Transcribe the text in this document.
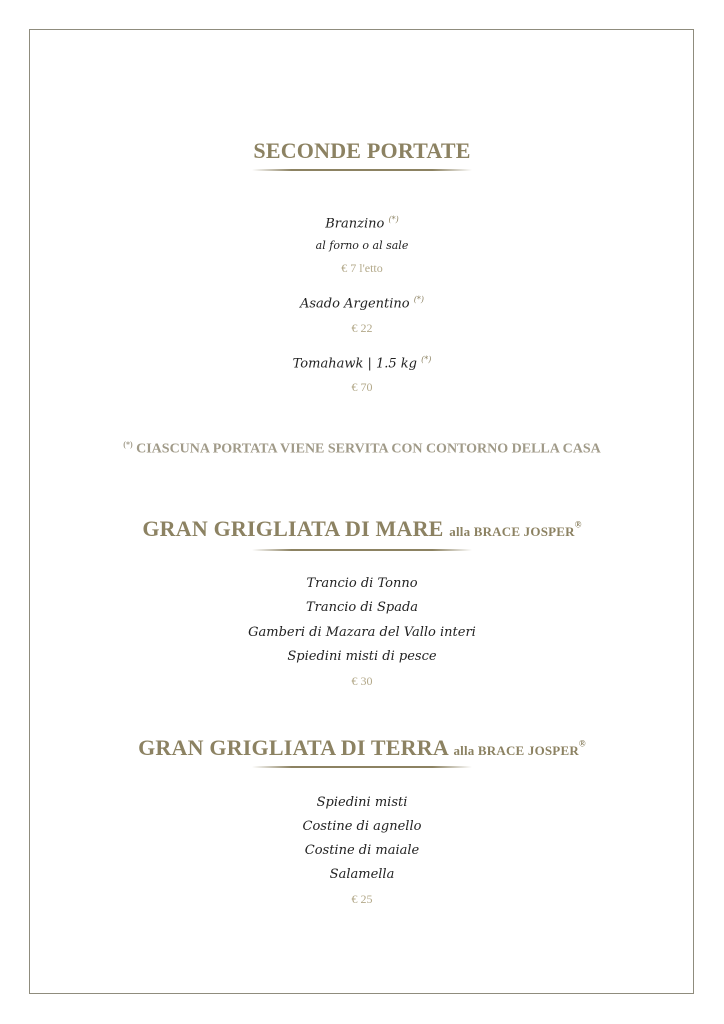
SECONDE PORTATE
Branzino (*)
al forno o al sale
€ 7 l'etto
Asado Argentino (*)
€ 22
Tomahawk | 1.5 kg (*)
€ 70
(*) CIASCUNA PORTATA VIENE SERVITA CON CONTORNO DELLA CASA
GRAN GRIGLIATA DI MARE alla BRACE JOSPER®
Trancio di Tonno
Trancio di Spada
Gamberi di Mazara del Vallo interi
Spiedini misti di pesce
€ 30
GRAN GRIGLIATA DI TERRA alla BRACE JOSPER®
Spiedini misti
Costine di agnello
Costine di maiale
Salamella
€ 25
